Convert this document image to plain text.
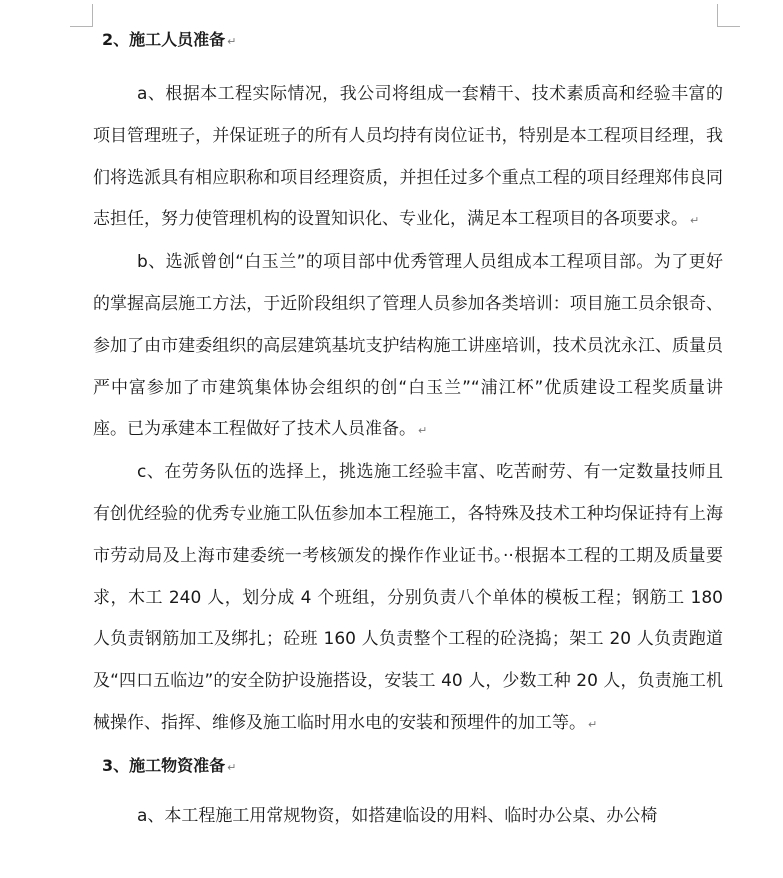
2、施工人员准备 ↵

a、根据本工程实际情况，我公司将组成一套精干、技术素质高和经验丰富的项目管理班子，并保证班子的所有人员均持有岗位证书，特别是本工程项目经理，我们将选派具有相应职称和项目经理资质，并担任过多个重点工程的项目经理郑伟良同志担任，努力使管理机构的设置知识化、专业化，满足本工程项目的各项要求。 ↵

b、选派曾创“白玉兰”的项目部中优秀管理人员组成本工程项目部。为了更好的掌握高层施工方法，于近阶段组织了管理人员参加各类培训：项目施工员余银奇、参加了由市建委组织的高层建筑基坑支护结构施工讲座培训，技术员沈永江、质量员严中富参加了市建筑集体协会组织的创“白玉兰”“浦江杯”优质建设工程奖质量讲座。已为承建本工程做好了技术人员准备。 ↵

c、在劳务队伍的选择上，挑选施工经验丰富、吃苦耐劳、有一定数量技师且有创优经验的优秀专业施工队伍参加本工程施工，各特殊及技术工种均保证持有上海市劳动局及上海市建委统一考核颁发的操作作业证书。··根据本工程的工期及质量要求，木工 240 人，划分成 4 个班组，分别负责八个单体的模板工程；钢筋工 180 人负责钢筋加工及绑扎；砼班 160 人负责整个工程的砼浇捣；架工 20 人负责跑道及“四口五临边”的安全防护设施搭设，安装工 40 人，少数工种 20 人，负责施工机械操作、指挥、维修及施工临时用水电的安装和预埋件的加工等。 ↵

3、施工物资准备 ↵

a、本工程施工用常规物资，如搭建临设的用料、临时办公桌、办公椅
